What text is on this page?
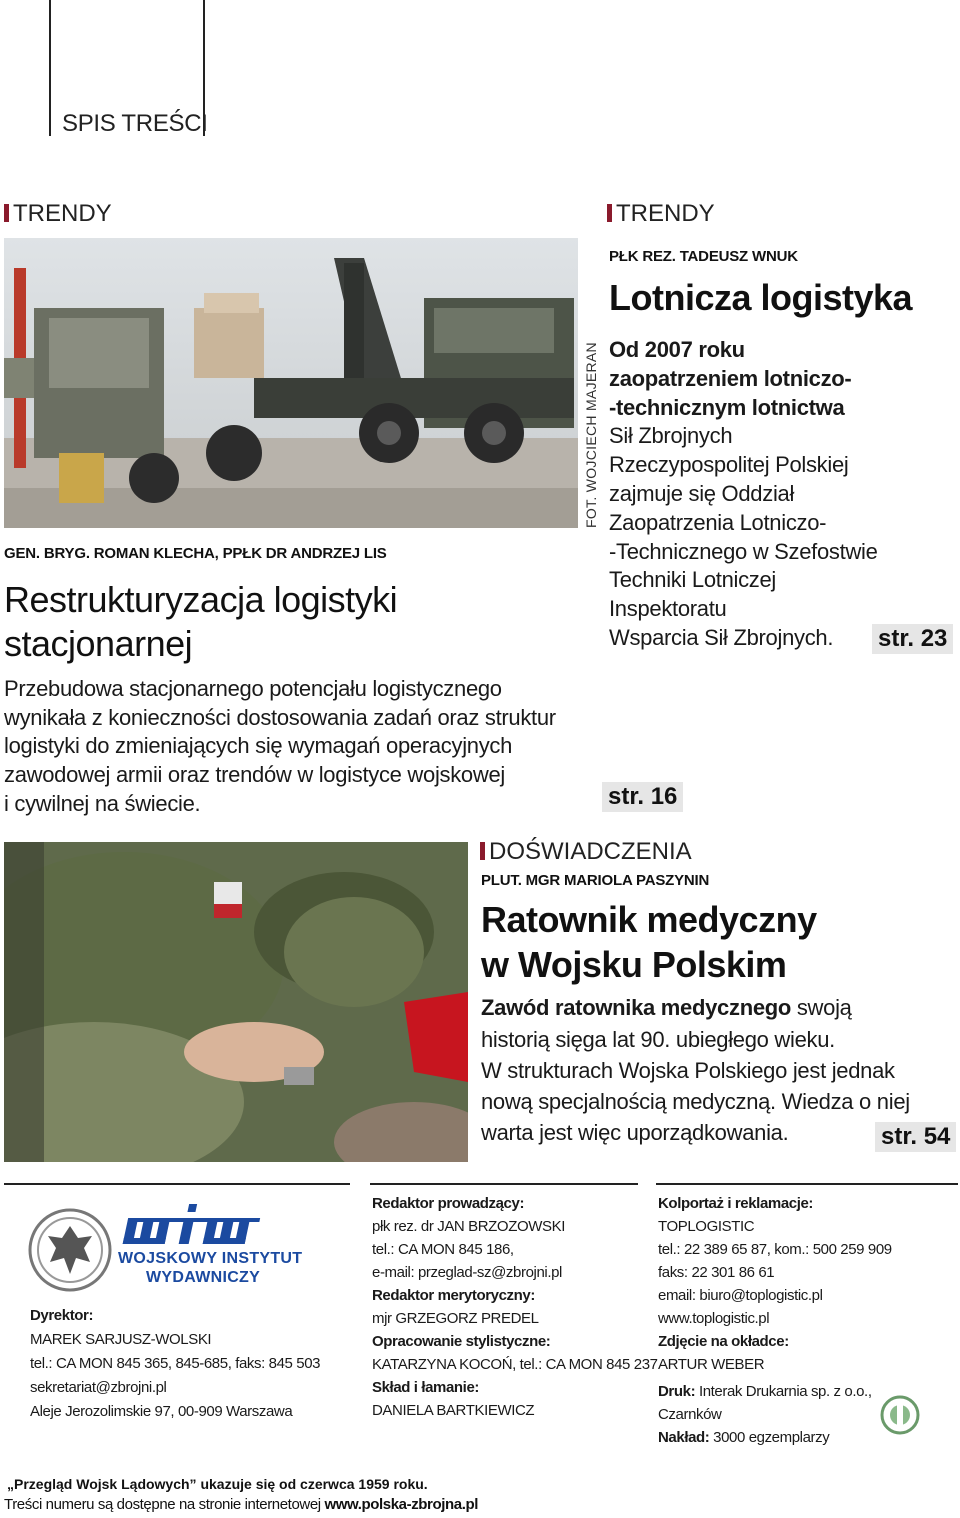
SPIS TREŚCI
TRENDY
FOT. WOJCIECH MAJERAN
GEN. BRYG. ROMAN KLECHA, PPŁK DR ANDRZEJ LIS
Restrukturyzacja logistyki
stacjonarnej
Przebudowa stacjonarnego potencjału logistycznego
wynikała z konieczności dostosowania zadań oraz struktur
logistyki do zmieniających się wymagań operacyjnych
zawodowej armii oraz trendów w logistyce wojskowej
i cywilnej na świecie.	str. 16
TRENDY
PŁK REZ. TADEUSZ WNUK
Lotnicza logistyka
Od 2007 roku
zaopatrzeniem lotniczo-
-technicznym lotnictwa
Sił Zbrojnych
Rzeczypospolitej Polskiej
zajmuje się Oddział
Zaopatrzenia Lotniczo-
-Technicznego w Szefostwie
Techniki Lotniczej
Inspektoratu
Wsparcia Sił Zbrojnych. str. 23
DOŚWIADCZENIA
PLUT. MGR MARIOLA PASZYNIN
Ratownik medyczny
w Wojsku Polskim
Zawód ratownika medycznego swoją
historią sięga lat 90. ubiegłego wieku.
W strukturach Wojska Polskiego jest jednak
nową specjalnością medyczną. Wiedza o niej
warta jest więc uporządkowania.	str. 54
WOJSKOWY INSTYTUT
WYDAWNICZY
Dyrektor:
MAREK SARJUSZ-WOLSKI
tel.: CA MON 845 365, 845-685, faks: 845 503
sekretariat@zbrojni.pl
Aleje Jerozolimskie 97, 00-909 Warszawa
Redaktor prowadzący:
płk rez. dr JAN BRZOZOWSKI
tel.: CA MON 845 186,
e-mail: przeglad-sz@zbrojni.pl
Redaktor merytoryczny:
mjr GRZEGORZ PREDEL
Opracowanie stylistyczne:
KATARZYNA KOCOŃ, tel.: CA MON 845 237
Skład i łamanie:
DANIELA BARTKIEWICZ
Kolportaż i reklamacje:
TOPLOGISTIC
tel.: 22 389 65 87, kom.: 500 259 909
faks: 22 301 86 61
email: biuro@toplogistic.pl
www.toplogistic.pl
Zdjęcie na okładce:
ARTUR WEBER
Druk: Interak Drukarnia sp. z o.o.,
Czarnków
Nakład: 3000 egzemplarzy
„Przegląd Wojsk Lądowych” ukazuje się od czerwca 1959 roku.
Treści numeru są dostępne na stronie internetowej www.polska-zbrojna.pl
